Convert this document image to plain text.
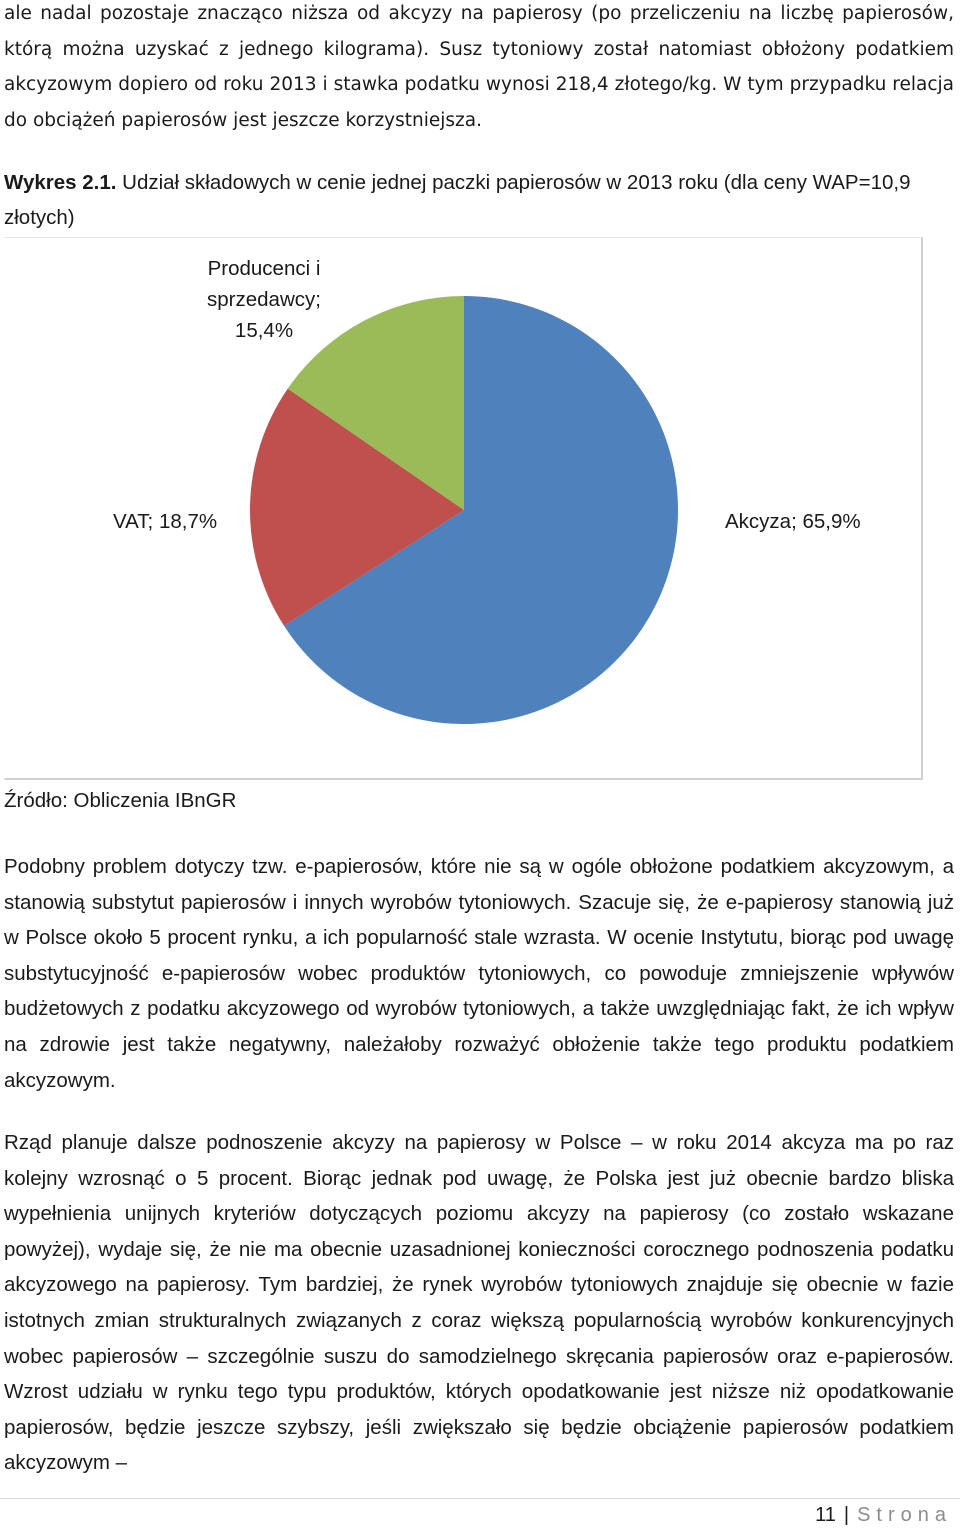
ale nadal pozostaje znacząco niższa od akcyzy na papierosy (po przeliczeniu na liczbę papierosów, którą można uzyskać z jednego kilograma). Susz tytoniowy został natomiast obłożony podatkiem akcyzowym dopiero od roku 2013 i stawka podatku wynosi 218,4 złotego/kg. W tym przypadku relacja do obciążeń papierosów jest jeszcze korzystniejsza.

Wykres 2.1. Udział składowych w cenie jednej paczki papierosów w 2013 roku (dla ceny WAP=10,9 złotych)

Akcyza; 65,9%
VAT; 18,7%
Producenci i
sprzedawcy;
15,4%

Źródło: Obliczenia IBnGR

Podobny problem dotyczy tzw. e-papierosów, które nie są w ogóle obłożone podatkiem akcyzowym, a stanowią substytut papierosów i innych wyrobów tytoniowych. Szacuje się, że e-papierosy stanowią już w Polsce około 5 procent rynku, a ich popularność stale wzrasta. W ocenie Instytutu, biorąc pod uwagę substytucyjność e-papierosów wobec produktów tytoniowych, co powoduje zmniejszenie wpływów budżetowych z podatku akcyzowego od wyrobów tytoniowych, a także uwzględniając fakt, że ich wpływ na zdrowie jest także negatywny, należałoby rozważyć obłożenie także tego produktu podatkiem akcyzowym.

Rząd planuje dalsze podnoszenie akcyzy na papierosy w Polsce – w roku 2014 akcyza ma po raz kolejny wzrosnąć o 5 procent. Biorąc jednak pod uwagę, że Polska jest już obecnie bardzo bliska wypełnienia unijnych kryteriów dotyczących poziomu akcyzy na papierosy (co zostało wskazane powyżej), wydaje się, że nie ma obecnie uzasadnionej konieczności corocznego podnoszenia podatku akcyzowego na papierosy. Tym bardziej, że rynek wyrobów tytoniowych znajduje się obecnie w fazie istotnych zmian strukturalnych związanych z coraz większą popularnością wyrobów konkurencyjnych wobec papierosów – szczególnie suszu do samodzielnego skręcania papierosów oraz e-papierosów. Wzrost udziału w rynku tego typu produktów, których opodatkowanie jest niższe niż opodatkowanie papierosów, będzie jeszcze szybszy, jeśli zwiększało się będzie obciążenie papierosów podatkiem akcyzowym –

11 | Strona
